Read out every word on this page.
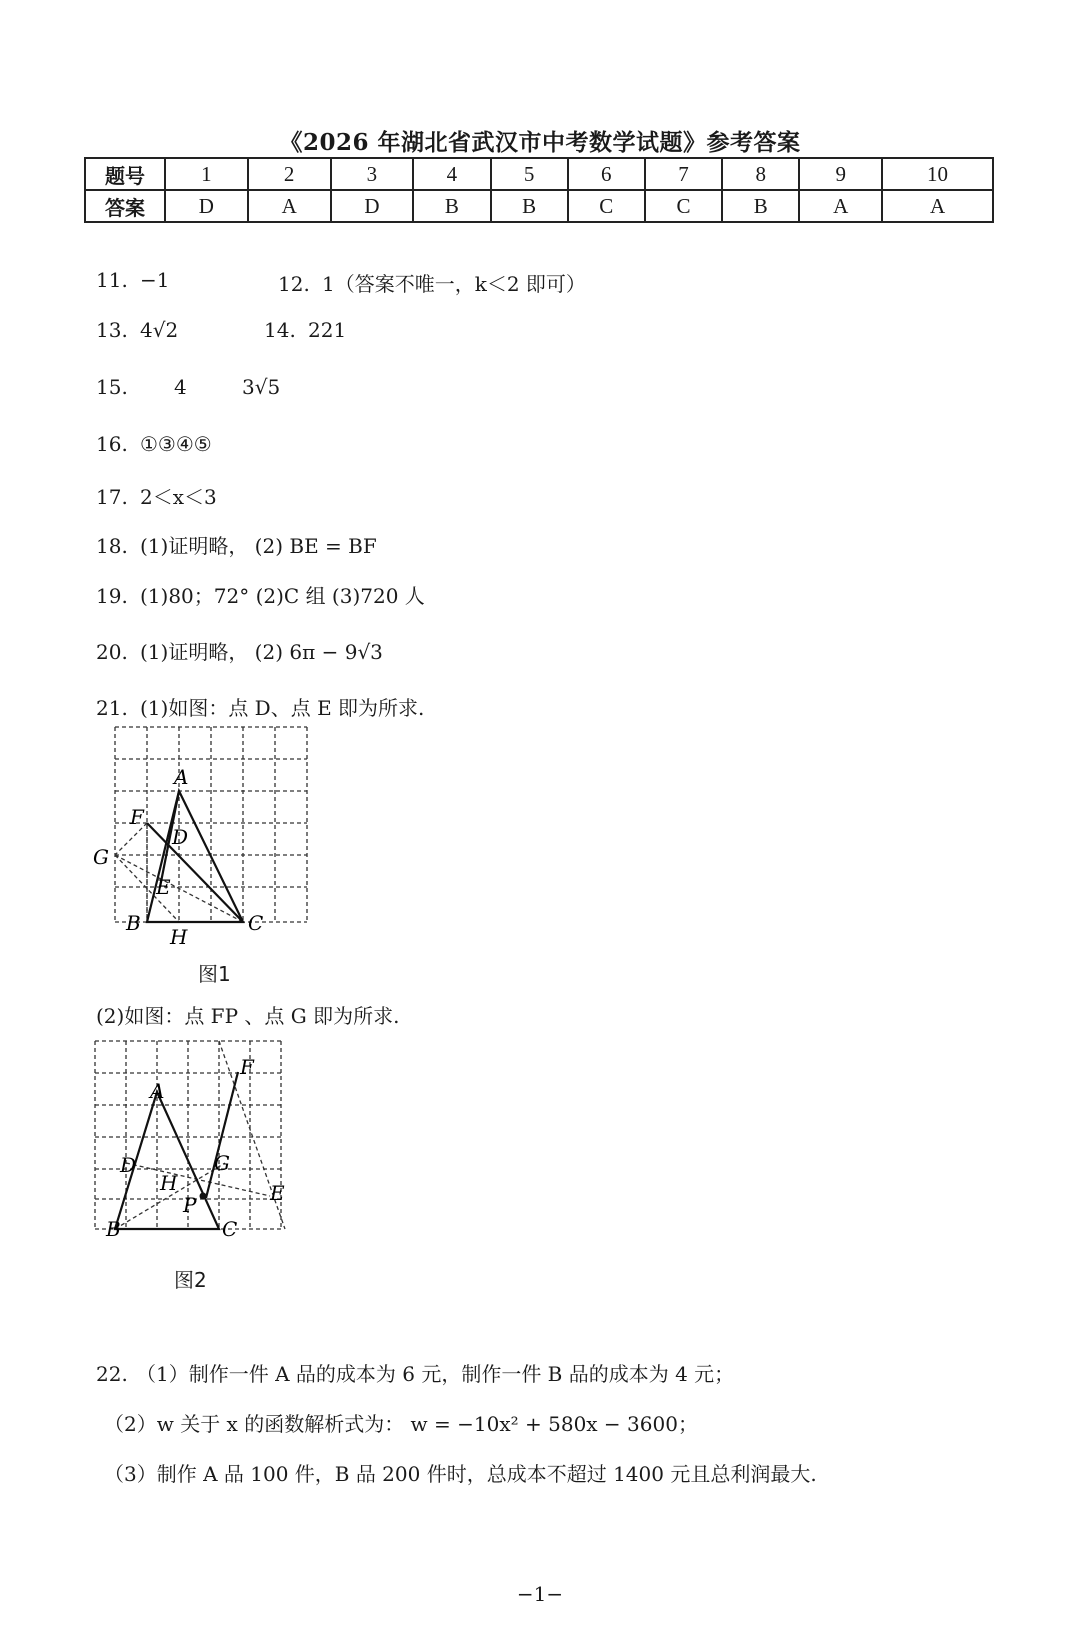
《2026 年湖北省武汉市中考数学试题》参考答案
题号	1	2	3	4	5	6	7	8	9	10
答案	D	A	D	B	B	C	C	B	A	A
11. −1	12. 1（答案不唯一，k＜2 即可）
13. 4√2	14. 221
15. 4	3√5
16. ①③④⑤
17. 2＜x＜3
18. (1)证明略， (2) BE = BF
19. (1)80；72° (2)C 组 (3)720 人
20. (1)证明略， (2) 6π − 9√3
21. (1)如图：点 D、点 E 即为所求.
A
F
D
G
E
B	C
H
图1
(2)如图：点 FP 、点 G 即为所求.
F
A
D	G
H	E
P
B	C
图2
22. （1）制作一件 A 品的成本为 6 元，制作一件 B 品的成本为 4 元；
（2）w 关于 x 的函数解析式为： w = −10x² + 580x − 3600；
（3）制作 A 品 100 件，B 品 200 件时，总成本不超过 1400 元且总利润最大.
−1−
